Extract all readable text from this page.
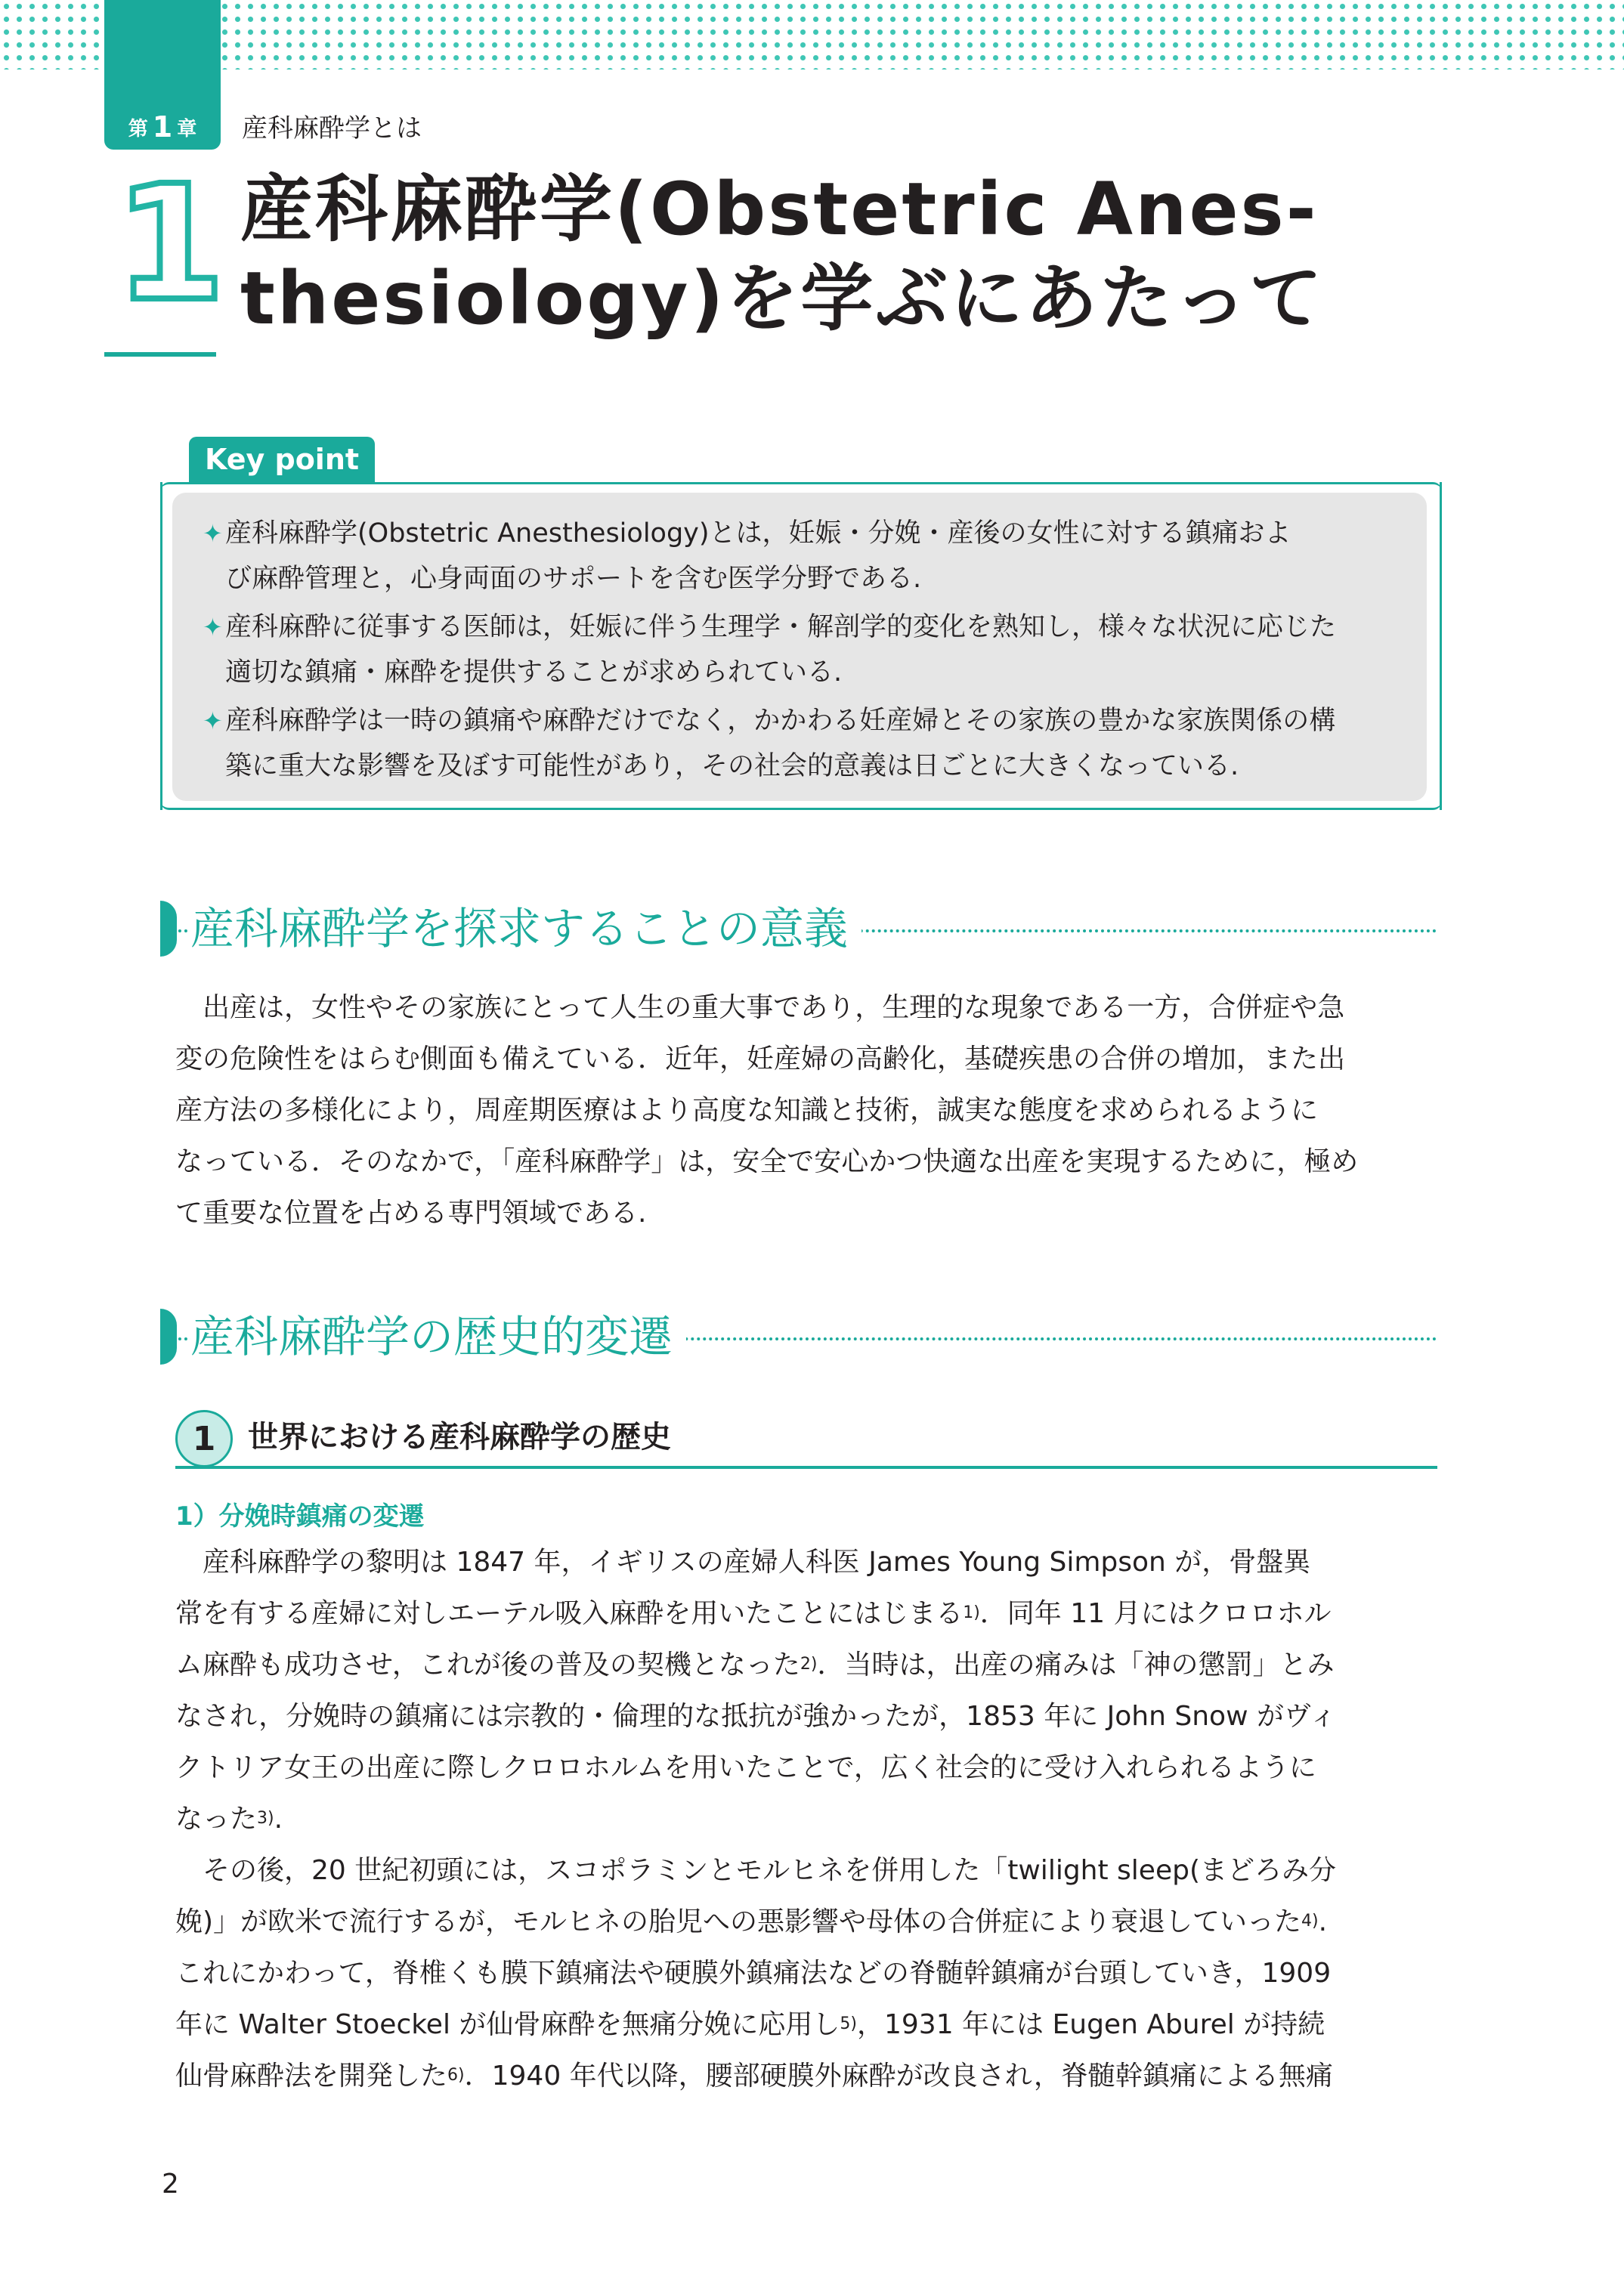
第 1 章 産科麻酔学とは
1 産科麻酔学(Obstetric Anes-
thesiology)を学ぶにあたって
Key point
✦ 産科麻酔学(Obstetric Anesthesiology)とは，妊娠・分娩・産後の女性に対する鎮痛およ
び麻酔管理と，心身両面のサポートを含む医学分野である.
✦ 産科麻酔に従事する医師は，妊娠に伴う生理学・解剖学的変化を熟知し，様々な状況に応じた
適切な鎮痛・麻酔を提供することが求められている.
✦ 産科麻酔学は一時の鎮痛や麻酔だけでなく，かかわる妊産婦とその家族の豊かな家族関係の構
築に重大な影響を及ぼす可能性があり，その社会的意義は日ごとに大きくなっている.
産科麻酔学を探求することの意義
　出産は，女性やその家族にとって人生の重大事であり，生理的な現象である一方，合併症や急
変の危険性をはらむ側面も備えている．近年，妊産婦の高齢化，基礎疾患の合併の増加，また出
産方法の多様化により，周産期医療はより高度な知識と技術，誠実な態度を求められるように
なっている．そのなかで，「産科麻酔学」は，安全で安心かつ快適な出産を実現するために，極め
て重要な位置を占める専門領域である.
産科麻酔学の歴史的変遷
1	世界における産科麻酔学の歴史
1）分娩時鎮痛の変遷
　産科麻酔学の黎明は 1847 年，イギリスの産婦人科医 James Young Simpson が，骨盤異
常を有する産婦に対しエーテル吸入麻酔を用いたことにはじまる$^{1)}$．同年 11 月にはクロロホル
ム麻酔も成功させ，これが後の普及の契機となった$^{2)}$．当時は，出産の痛みは「神の懲罰」とみ
なされ，分娩時の鎮痛には宗教的・倫理的な抵抗が強かったが，1853 年に John Snow がヴィ
クトリア女王の出産に際しクロロホルムを用いたことで，広く社会的に受け入れられるように
なった$^{3)}$.
　その後，20 世紀初頭には，スコポラミンとモルヒネを併用した「twilight sleep(まどろみ分
娩)」が欧米で流行するが，モルヒネの胎児への悪影響や母体の合併症により衰退していった$^{4)}$.
これにかわって，脊椎くも膜下鎮痛法や硬膜外鎮痛法などの脊髄幹鎮痛が台頭していき，1909
年に Walter Stoeckel が仙骨麻酔を無痛分娩に応用し$^{5)}$，1931 年には Eugen Aburel が持続
仙骨麻酔法を開発した$^{6)}$．1940 年代以降，腰部硬膜外麻酔が改良され，脊髄幹鎮痛による無痛
2
